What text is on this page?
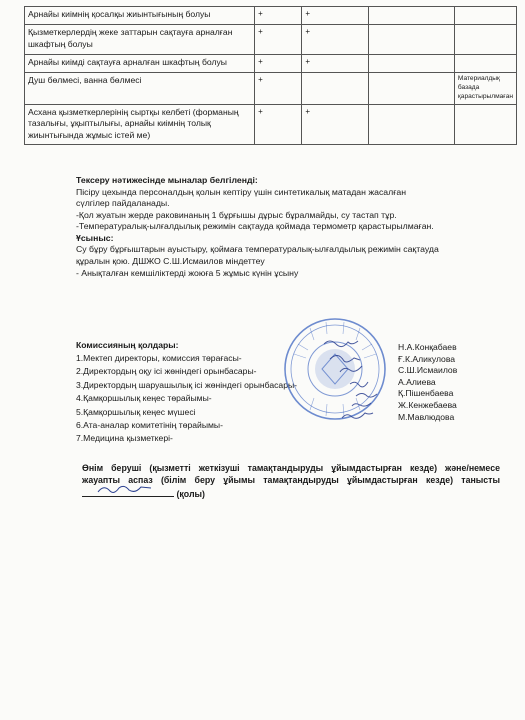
Арнайы киімнің қосалқы жиынтығының болуы	+	+		
Қызметкерлердің жеке заттарын сақтауға арналған шкафтың болуы	+	+		
Арнайы киімді сақтауға арналған шкафтың болуы	+	+		
Душ бөлмесі, ванна бөлмесі	+			Материалдық базада қарастырылмаған
Асхана қызметкерлерінің сыртқы келбеті (форманың тазалығы, ұқыптылығы, арнайы киімнің толық жиынтығында жұмыс істей ме)	+	+		
Тексеру нәтижесінде мыналар белгіленді:
Пісіру цехында персоналдың қолын кептіру үшін синтетикалық матадан жасалған
сүлгілер пайдаланады.
-Қол жуатын жерде раковинаның 1 бұрғышы дұрыс бұралмайды, су тастап тұр.
-Температуралық-ылғалдылық режимін сақтауда қоймада термометр қарастырылмаған.
Ұсыныс:
Су бұру бұрғыштарын ауыстыру, қоймаға температуралық-ылғалдылық режимін сақтауда
құралын қою. ДШЖО С.Ш.Исмаилов міндеттеу
- Анықталған кемшіліктерді жоюға 5 жұмыс күнін ұсыну
Комиссияның қолдары:
1.Мектеп директоры, комиссия төрағасы-
2.Директордың оқу ісі жөніндегі орынбасары-
3.Директордың шаруашылық ісі жөніндегі орынбасары-
4.Қамқоршылық кеңес төрайымы-
5.Қамқоршылық кеңес мүшесі
6.Ата-аналар комитетінің төрайымы-
7.Медицина қызметкері-
Н.А.Конқабаев
Ғ.К.Аликулова
С.Ш.Исмаилов
А.Алиева
Қ.Пішенбаева
Ж.Кенжебаева
М.Мавлюдова
Өнім беруші (қызметті жеткізуші тамақтандыруды ұйымдастырған кезде) және/немесе жауапты аспаз (білім беру ұйымы тамақтандыруды ұйымдастырған кезде) танысты
(қолы)
